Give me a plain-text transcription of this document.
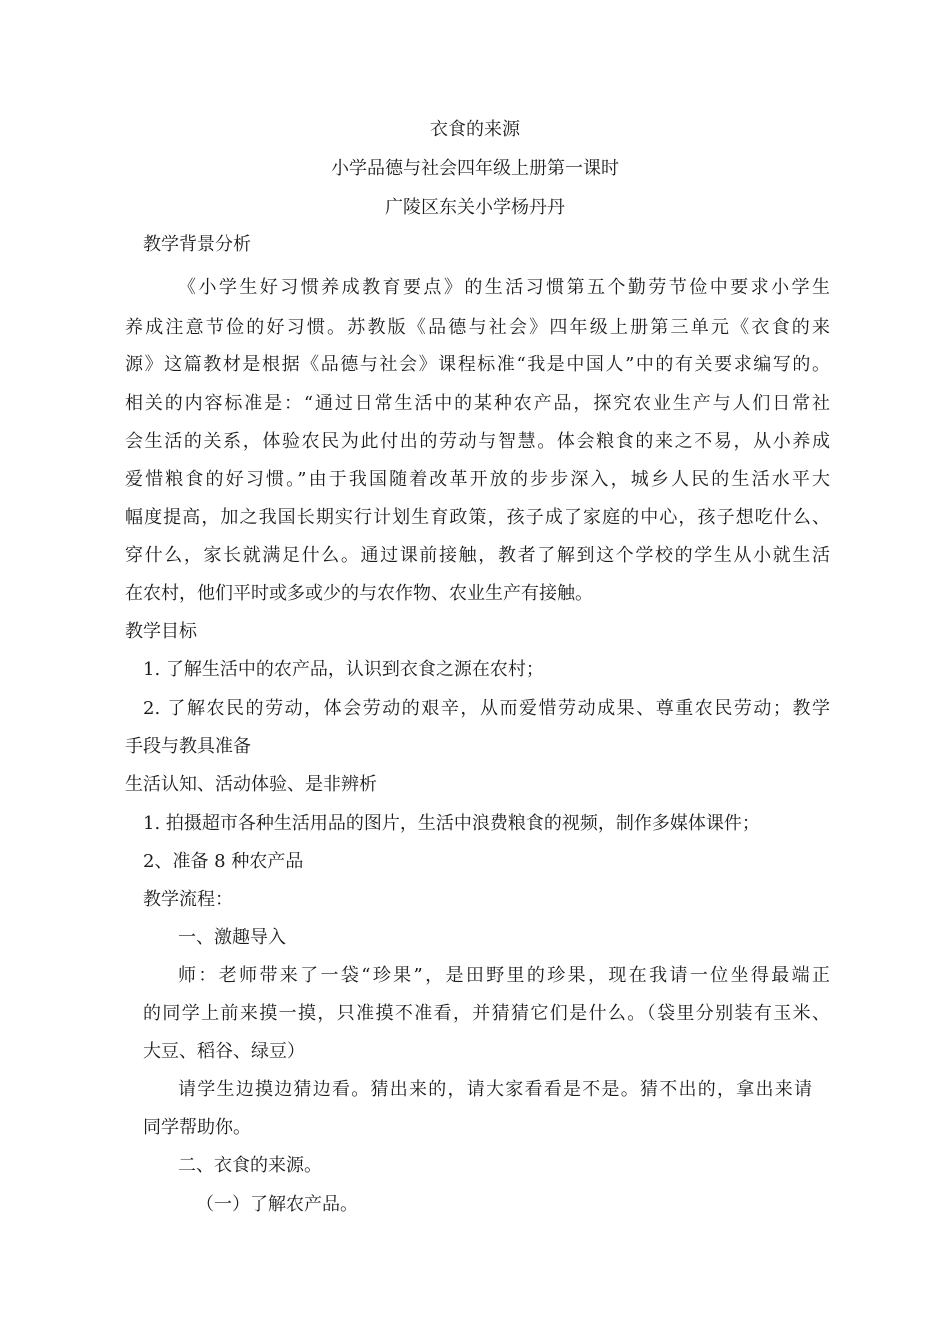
衣食的来源

小学品德与社会四年级上册第一课时

广陵区东关小学杨丹丹

教学背景分析

《小学生好习惯养成教育要点》的生活习惯第五个勤劳节俭中要求小学生

养成注意节俭的好习惯。苏教版《品德与社会》四年级上册第三单元《衣食的来

源》这篇教材是根据《品德与社会》课程标准“我是中国人”中的有关要求编写的。

相关的内容标准是：“通过日常生活中的某种农产品，探究农业生产与人们日常社

会生活的关系，体验农民为此付出的劳动与智慧。体会粮食的来之不易，从小养成

爱惜粮食的好习惯。”由于我国随着改革开放的步步深入，城乡人民的生活水平大

幅度提高，加之我国长期实行计划生育政策，孩子成了家庭的中心，孩子想吃什么、

穿什么，家长就满足什么。通过课前接触，教者了解到这个学校的学生从小就生活

在农村，他们平时或多或少的与农作物、农业生产有接触。

教学目标

1. 了解生活中的农产品，认识到衣食之源在农村；

2. 了解农民的劳动，体会劳动的艰辛，从而爱惜劳动成果、尊重农民劳动；教学

手段与教具准备

生活认知、活动体验、是非辨析

1. 拍摄超市各种生活用品的图片，生活中浪费粮食的视频，制作多媒体课件；

2、准备 8 种农产品

教学流程：

一、激趣导入

师：老师带来了一袋“珍果”，是田野里的珍果，现在我请一位坐得最端正

的同学上前来摸一摸，只准摸不准看，并猜猜它们是什么。（袋里分别装有玉米、

大豆、稻谷、绿豆）

请学生边摸边猜边看。猜出来的，请大家看看是不是。猜不出的，拿出来请

同学帮助你。

二、衣食的来源。

（一）了解农产品。
